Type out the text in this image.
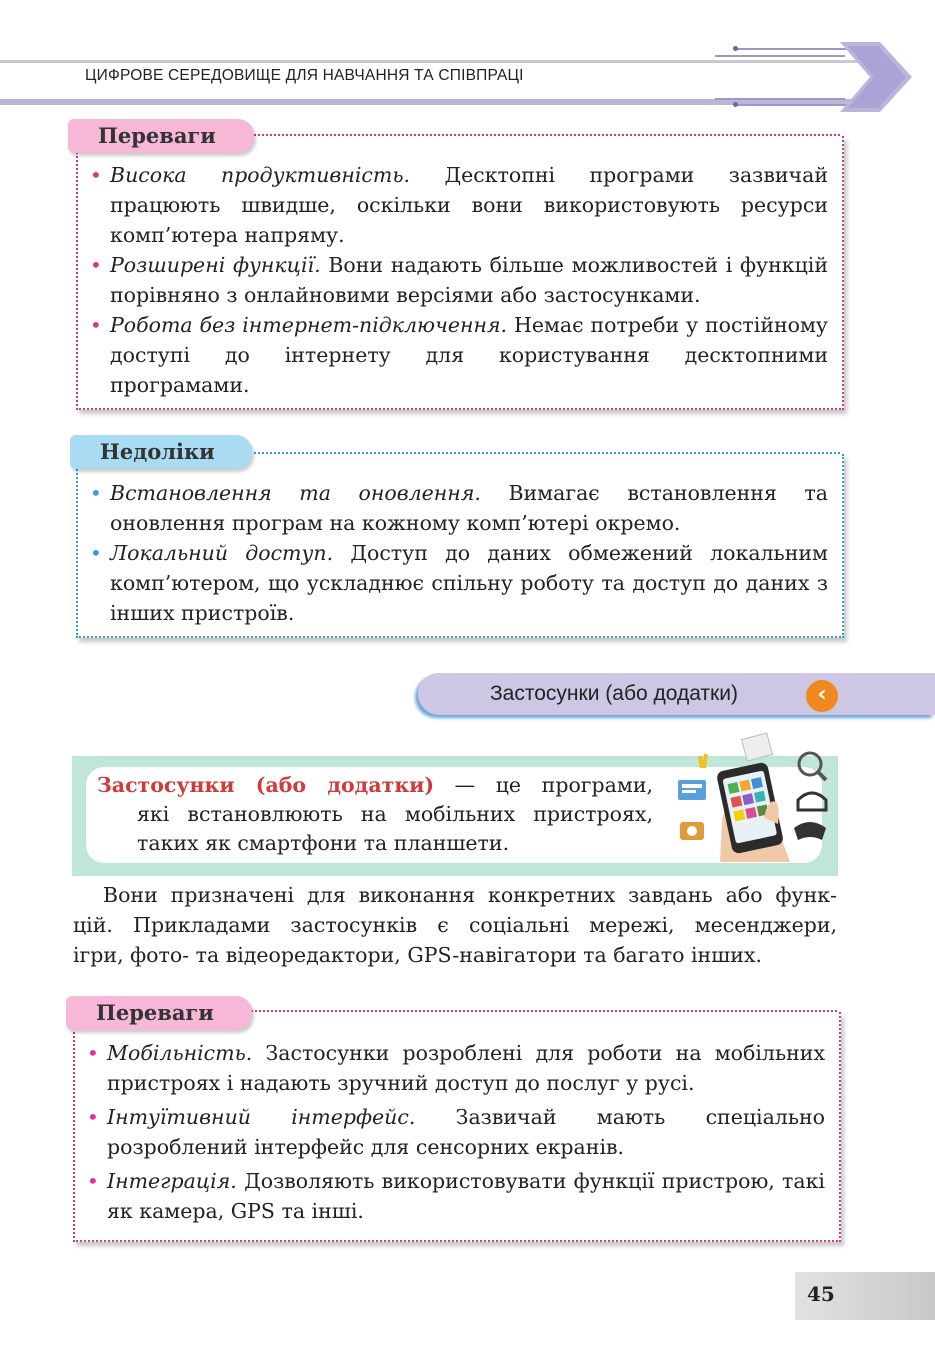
ЦИФРОВЕ СЕРЕДОВИЩЕ ДЛЯ НАВЧАННЯ ТА СПІВПРАЦІ

• Висока продуктивність. Десктопні програми зазвичай працюють швидше, оскільки вони використовують ресурси комп’ютера напряму.

• Розширені функції. Вони надають більше можливостей і функцій порівняно з онлайновими версіями або застосунками.

• Робота без інтернет-підключення. Немає потреби у постійному доступі до інтернету для користування десктопними програмами.

Переваги

• Встановлення та оновлення. Вимагає встановлення та оновлення програм на кожному комп’ютері окремо.

• Локальний доступ. Доступ до даних обмежений локальним комп’ютером, що ускладнює спільну роботу та доступ до даних з інших пристроїв.

Недоліки
Застосунки (або додатки)	‹
Застосунки (або додатки) — це програми,
які встановлюють на мобільних пристроях,
таких як смартфони та планшети.
Вони призначені для виконання конкретних завдань або функ-
цій. Прикладами застосунків є соціальні мережі, месенджери,
ігри, фото- та відеоредактори, GPS-навігатори та багато інших.

• Мобільність. Застосунки розроблені для роботи на мобільних пристроях і надають зручний доступ до послуг у русі.

• Інтуїтивний інтерфейс. Зазвичай мають спеціально розроблений інтерфейс для сенсорних екранів.

• Інтеграція. Дозволяють використовувати функції пристрою, такі як камера, GPS та інші.

Переваги
45
